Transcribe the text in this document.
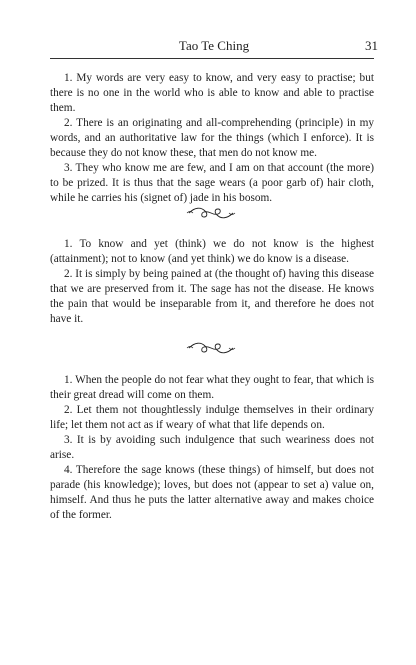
Tao Te Ching	31

1. My words are very easy to know, and very easy to practise; but there is no one in the world who is able to know and able to practise them.

2. There is an originating and all-comprehending (principle) in my words, and an authoritative law for the things (which I enforce). It is because they do not know these, that men do not know me.

3. They who know me are few, and I am on that account (the more) to be prized. It is thus that the sage wears (a poor garb of) hair cloth, while he carries his (signet of) jade in his bosom.

1. To know and yet (think) we do not know is the highest (attainment); not to know (and yet think) we do know is a disease.

2. It is simply by being pained at (the thought of) having this disease that we are preserved from it. The sage has not the disease. He knows the pain that would be inseparable from it, and therefore he does not have it.

1. When the people do not fear what they ought to fear, that which is their great dread will come on them.

2. Let them not thoughtlessly indulge themselves in their ordinary life; let them not act as if weary of what that life depends on.

3. It is by avoiding such indulgence that such weariness does not arise.

4. Therefore the sage knows (these things) of himself, but does not parade (his knowledge); loves, but does not (appear to set a) value on, himself. And thus he puts the latter alternative away and makes choice of the former.
